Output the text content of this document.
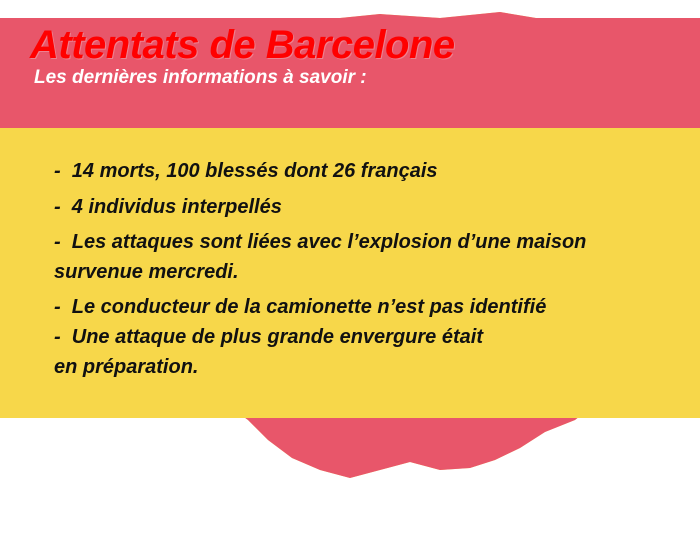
Attentats de Barcelone
Les dernières informations à savoir :
-  14 morts, 100 blessés dont 26 français
-  4 individus interpellés
-  Les attaques sont liées avec l’explosion d’une maison
survenue mercredi.
-  Le conducteur de la camionette n’est pas identifié
-  Une attaque de plus grande envergure était
en préparation.
